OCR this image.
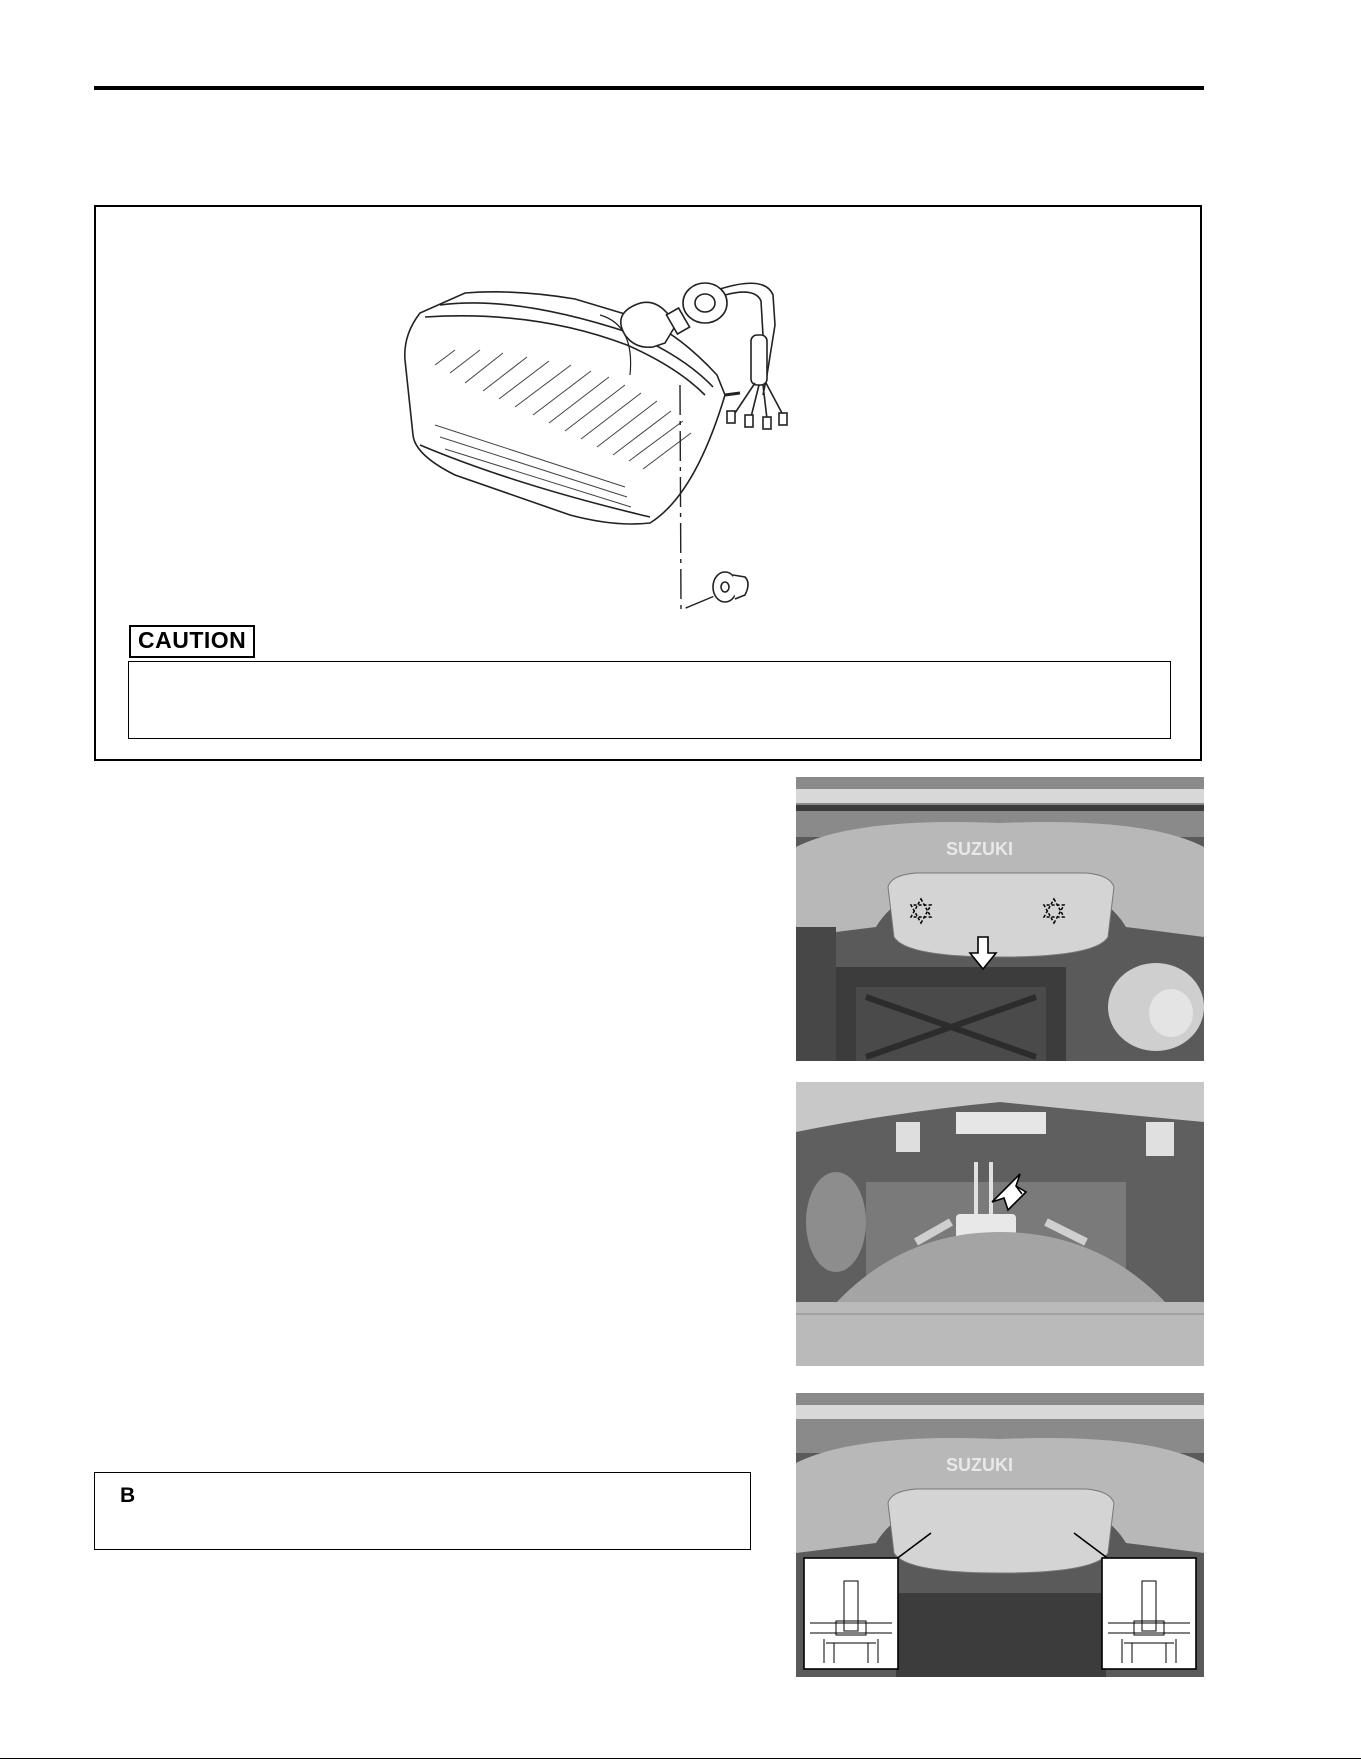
CAUTION
SUZUKI
SUZUKI
B
